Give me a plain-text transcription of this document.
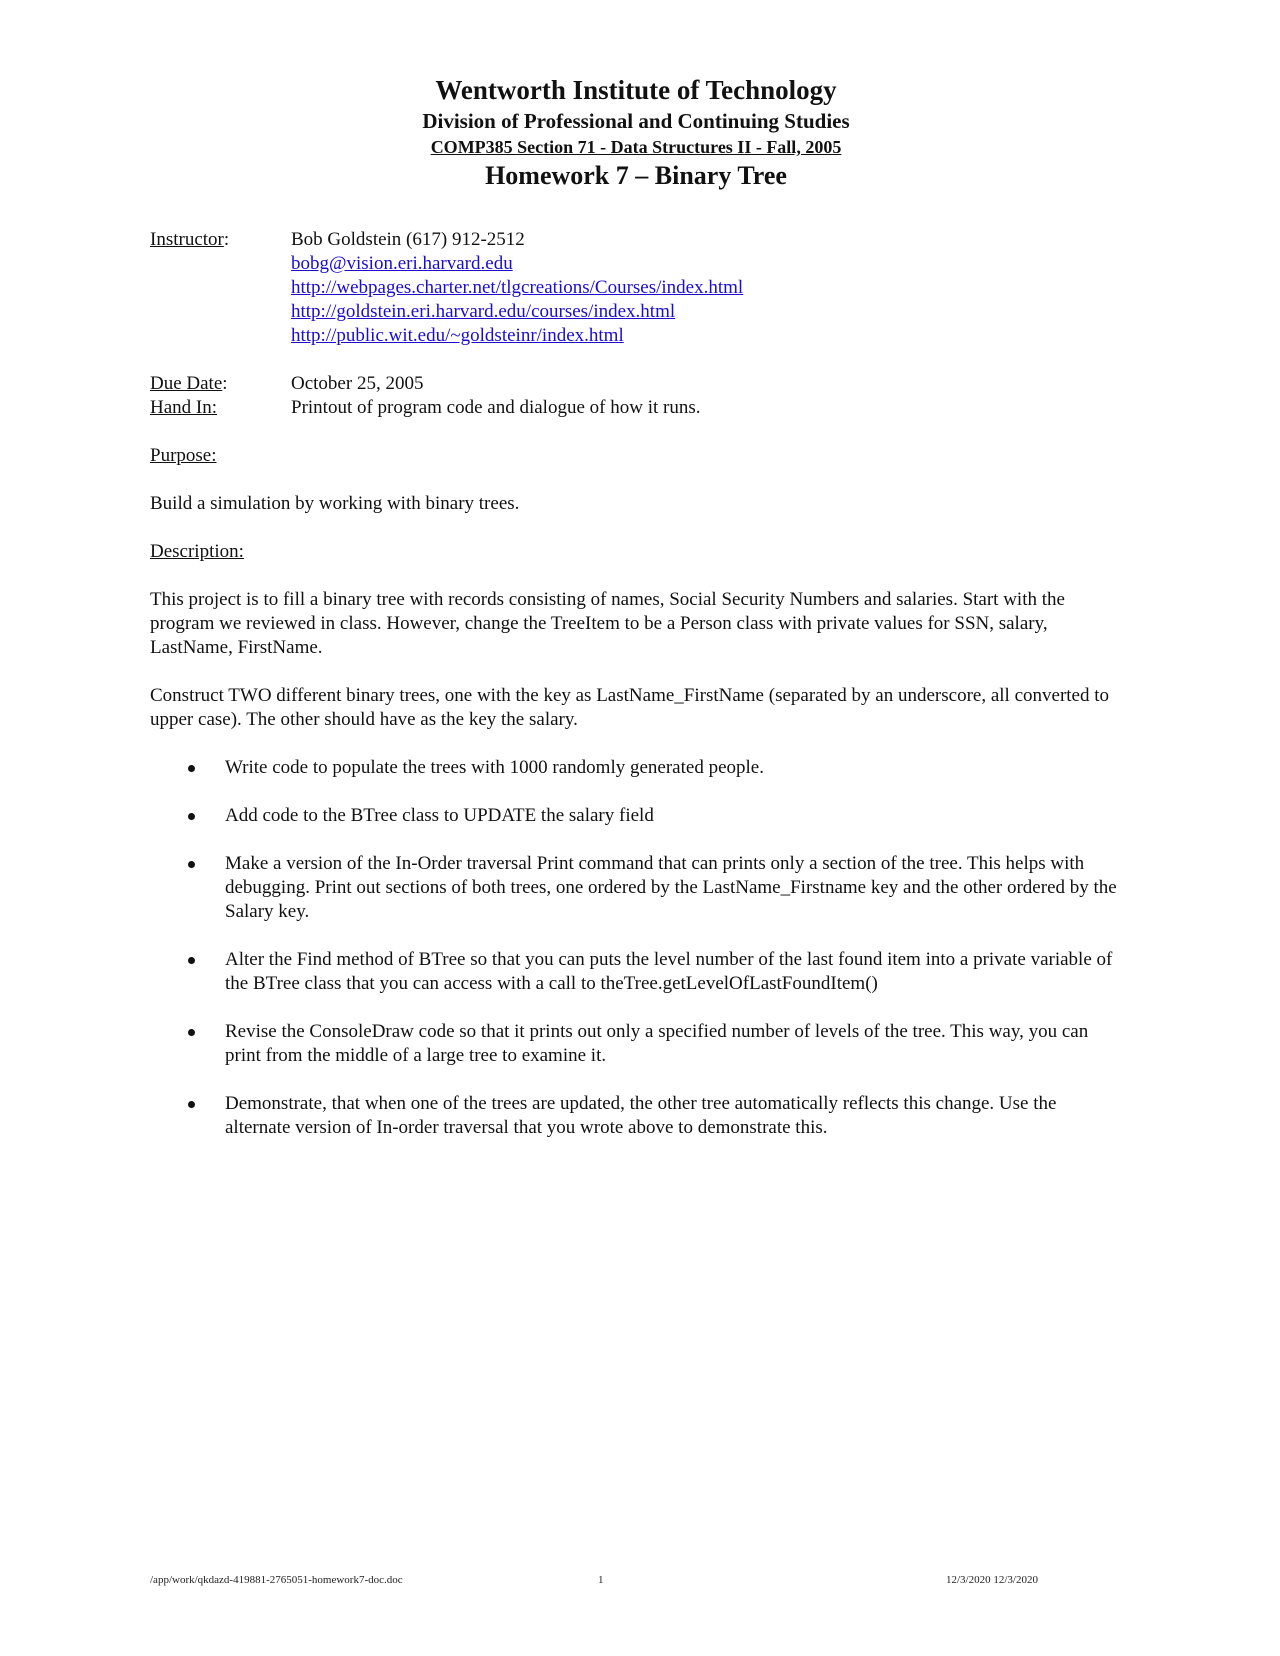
Wentworth Institute of Technology
Division of Professional and Continuing Studies
COMP385 Section 71 - Data Structures II - Fall, 2005
Homework 7 – Binary Tree
Instructor:	Bob Goldstein (617) 912-2512
bobg@vision.eri.harvard.edu
http://webpages.charter.net/tlgcreations/Courses/index.html
http://goldstein.eri.harvard.edu/courses/index.html
http://public.wit.edu/~goldsteinr/index.html
Due Date:	October 25, 2005
Hand In:	Printout of program code and dialogue of how it runs.
Purpose:

Build a simulation by working with binary trees.

Description:

This project is to fill a binary tree with records consisting of names, Social Security Numbers and salaries. Start with the program we reviewed in class. However, change the TreeItem to be a Person class with private values for SSN, salary, LastName, FirstName.

Construct TWO different binary trees, one with the key as LastName_FirstName (separated by an underscore, all converted to upper case). The other should have as the key the salary.

Write code to populate the trees with 1000 randomly generated people.
Add code to the BTree class to UPDATE the salary field
Make a version of the In-Order traversal Print command that can prints only a section of the tree. This helps with debugging. Print out sections of both trees, one ordered by the LastName_Firstname key and the other ordered by the Salary key.
Alter the Find method of BTree so that you can puts the level number of the last found item into a private variable of the BTree class that you can access with a call to theTree.getLevelOfLastFoundItem()
Revise the ConsoleDraw code so that it prints out only a specified number of levels of the tree. This way, you can print from the middle of a large tree to examine it.
Demonstrate, that when one of the trees are updated, the other tree automatically reflects this change. Use the alternate version of In-order traversal that you wrote above to demonstrate this.
/app/work/qkdazd-419881-2765051-homework7-doc.doc	1	12/3/2020 12/3/2020
